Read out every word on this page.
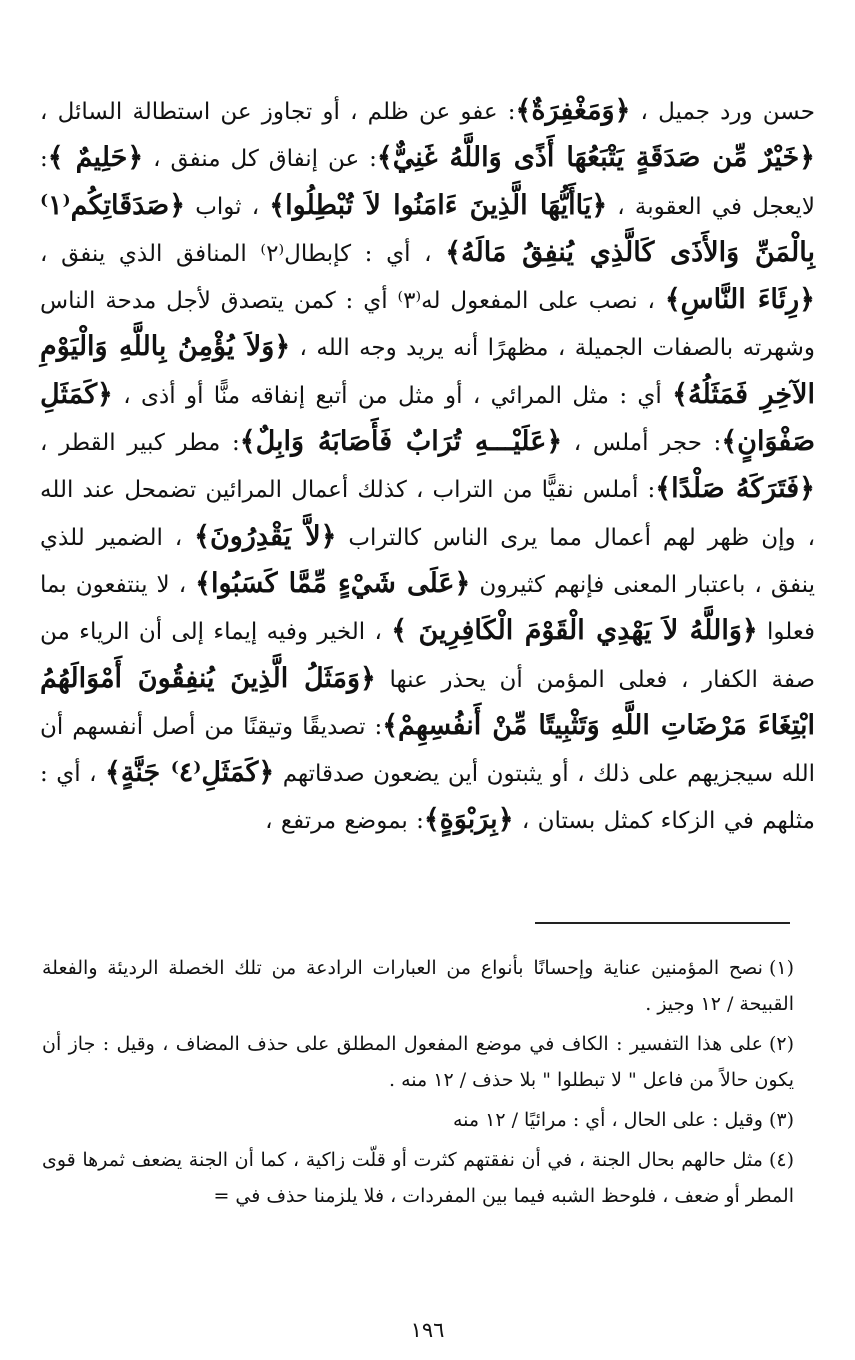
حسن ورد جميل ، ﴿وَمَغْفِرَةٌ﴾: عفو عن ظلم ، أو تجاوز عن استطالة السائل ، ﴿خَيْرٌ مِّن صَدَقَةٍ يَتْبَعُهَا أَذًى وَاللَّهُ غَنِيٌّ﴾: عن إنفاق كل منفق ، ﴿حَلِيمٌ ﴾: لايعجل في العقوبة ، ﴿يَاأَيُّهَا الَّذِينَ ءَامَنُوا لاَ تُبْطِلُوا﴾ ، ثواب ﴿صَدَقَاتِكُم⁽١⁾ بِالْمَنِّ وَالأَذَى كَالَّذِي يُنفِقُ مَالَهُ﴾ ، أي : كإبطال⁽٢⁾ المنافق الذي ينفق ، ﴿رِئَاءَ النَّاسِ﴾ ، نصب على المفعول له⁽٣⁾ أي : كمن يتصدق لأجل مدحة الناس وشهرته بالصفات الجميلة ، مظهرًا أنه يريد وجه الله ، ﴿وَلاَ يُؤْمِنُ بِاللَّهِ وَالْيَوْمِ الآخِرِ فَمَثَلُهُ﴾ أي : مثل المرائي ، أو مثل من أتبع إنفاقه منًّا أو أذى ، ﴿كَمَثَلِ صَفْوَانٍ﴾: حجر أملس ، ﴿عَلَيْـــهِ تُرَابٌ فَأَصَابَهُ وَابِلٌ﴾: مطر كبير القطر ، ﴿فَتَرَكَهُ صَلْدًا﴾: أملس نقيًّا من التراب ، كذلك أعمال المرائين تضمحل عند الله ، وإن ظهر لهم أعمال مما يرى الناس كالتراب ﴿لاَّ يَقْدِرُونَ﴾ ، الضمير للذي ينفق ، باعتبار المعنى فإنهم كثيرون ﴿عَلَى شَيْءٍ مِّمَّا كَسَبُوا﴾ ، لا ينتفعون بما فعلوا ﴿وَاللَّهُ لاَ يَهْدِي الْقَوْمَ الْكَافِرِينَ ﴾ ، الخير وفيه إيماء إلى أن الرياء من صفة الكفار ، فعلى المؤمن أن يحذر عنها ﴿وَمَثَلُ الَّذِينَ يُنفِقُونَ أَمْوَالَهُمُ ابْتِغَاءَ مَرْضَاتِ اللَّهِ وَتَثْبِيتًا مِّنْ أَنفُسِهِمْ﴾: تصديقًا وتيقنًا من أصل أنفسهم أن الله سيجزيهم على ذلك ، أو يثبتون أين يضعون صدقاتهم ﴿كَمَثَلِ⁽٤⁾ جَنَّةٍ﴾ ، أي : مثلهم في الزكاء كمثل بستان ، ﴿بِرَبْوَةٍ﴾: بموضع مرتفع ،
(١)نصح المؤمنين عناية وإحسانًا بأنواع من العبارات الرادعة من تلك الخصلة الرديئة والفعلة القبيحة / ١٢ وجيز .
(٢)على هذا التفسير : الكاف في موضع المفعول المطلق على حذف المضاف ، وقيل : جاز أن يكون حالاً من فاعل " لا تبطلوا " بلا حذف / ١٢ منه .
(٣)وقيل : على الحال ، أي : مرائيًا / ١٢ منه
(٤)مثل حالهم بحال الجنة ، في أن نفقتهم كثرت أو قلّت زاكية ، كما أن الجنة يضعف ثمرها قوى المطر أو ضعف ، فلوحظ الشبه فيما بين المفردات ، فلا يلزمنا حذف في =
١٩٦
